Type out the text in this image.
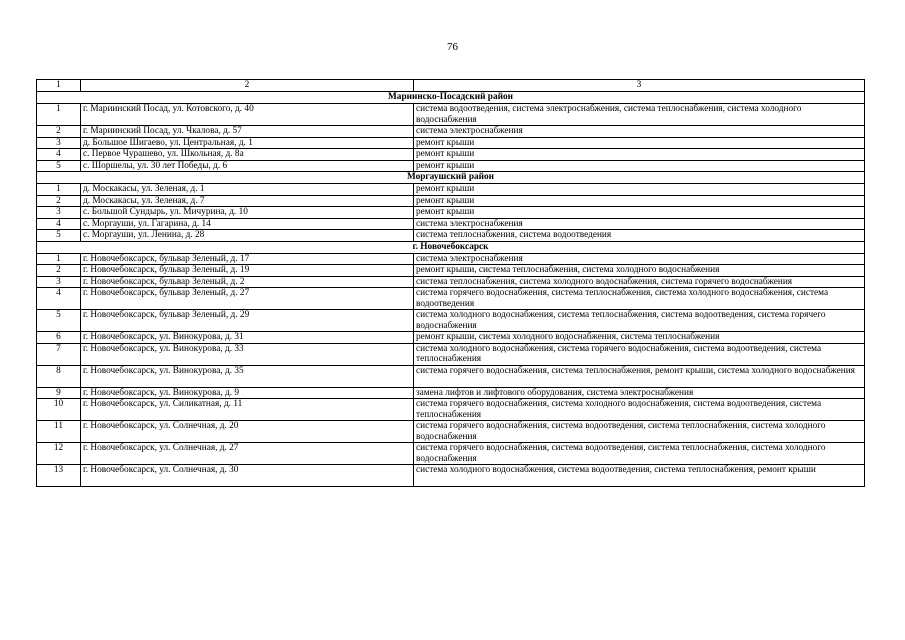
76
1	2	3
Мариинско-Посадский район		
1	г. Мариинский Посад, ул. Котовского, д. 40	система водоотведения, система электроснабжения, система теплоснабжения, система холодного водоснабжения
2	г. Мариинский Посад, ул. Чкалова, д. 57	система электроснабжения
3	д. Большое Шигаево, ул. Центральная, д. 1	ремонт крыши
4	с. Первое Чурашево, ул. Школьная, д. 8а	ремонт крыши
5	с. Шоршелы, ул. 30 лет Победы, д. 6	ремонт крыши
Моргаушский район		
1	д. Москакасы, ул. Зеленая, д. 1	ремонт крыши
2	д. Москакасы, ул. Зеленая, д. 7	ремонт крыши
3	с. Большой Сундырь, ул. Мичурина, д. 10	ремонт крыши
4	с. Моргауши, ул. Гагарина, д. 14	система электроснабжения
5	с. Моргауши, ул. Ленина, д. 28	система теплоснабжения, система водоотведения
г. Новочебоксарск		
1	г. Новочебоксарск, бульвар Зеленый, д. 17	система электроснабжения
2	г. Новочебоксарск, бульвар Зеленый, д. 19	ремонт крыши, система теплоснабжения, система холодного водоснабжения
3	г. Новочебоксарск, бульвар Зеленый, д. 2	система теплоснабжения, система холодного водоснабжения, система горячего водоснабжения
4	г. Новочебоксарск, бульвар Зеленый, д. 27	система горячего водоснабжения, система теплоснабжения, система холодного водоснабжения, система водоотведения
5	г. Новочебоксарск, бульвар Зеленый, д. 29	система холодного водоснабжения, система теплоснабжения, система водоотведения, система горячего водоснабжения
6	г. Новочебоксарск, ул. Винокурова, д. 31	ремонт крыши, система холодного водоснабжения, система теплоснабжения
7	г. Новочебоксарск, ул. Винокурова, д. 33	система холодного водоснабжения, система горячего водоснабжения, система водоотведения, система теплоснабжения
8	г. Новочебоксарск, ул. Винокурова, д. 35	система горячего водоснабжения, система теплоснабжения, ремонт крыши, система холодного водоснабжения
9	г. Новочебоксарск, ул. Винокурова, д. 9	замена лифтов и лифтового оборудования, система электроснабжения
10	г. Новочебоксарск, ул. Силикатная, д. 11	система горячего водоснабжения, система холодного водоснабжения, система водоотведения, система теплоснабжения
11	г. Новочебоксарск, ул. Солнечная, д. 20	система горячего водоснабжения, система водоотведения, система теплоснабжения, система холодного водоснабжения
12	г. Новочебоксарск, ул. Солнечная, д. 27	система горячего водоснабжения, система водоотведения, система теплоснабжения, система холодного водоснабжения
13	г. Новочебоксарск, ул. Солнечная, д. 30	система холодного водоснабжения, система водоотведения, система теплоснабжения, ремонт крыши
